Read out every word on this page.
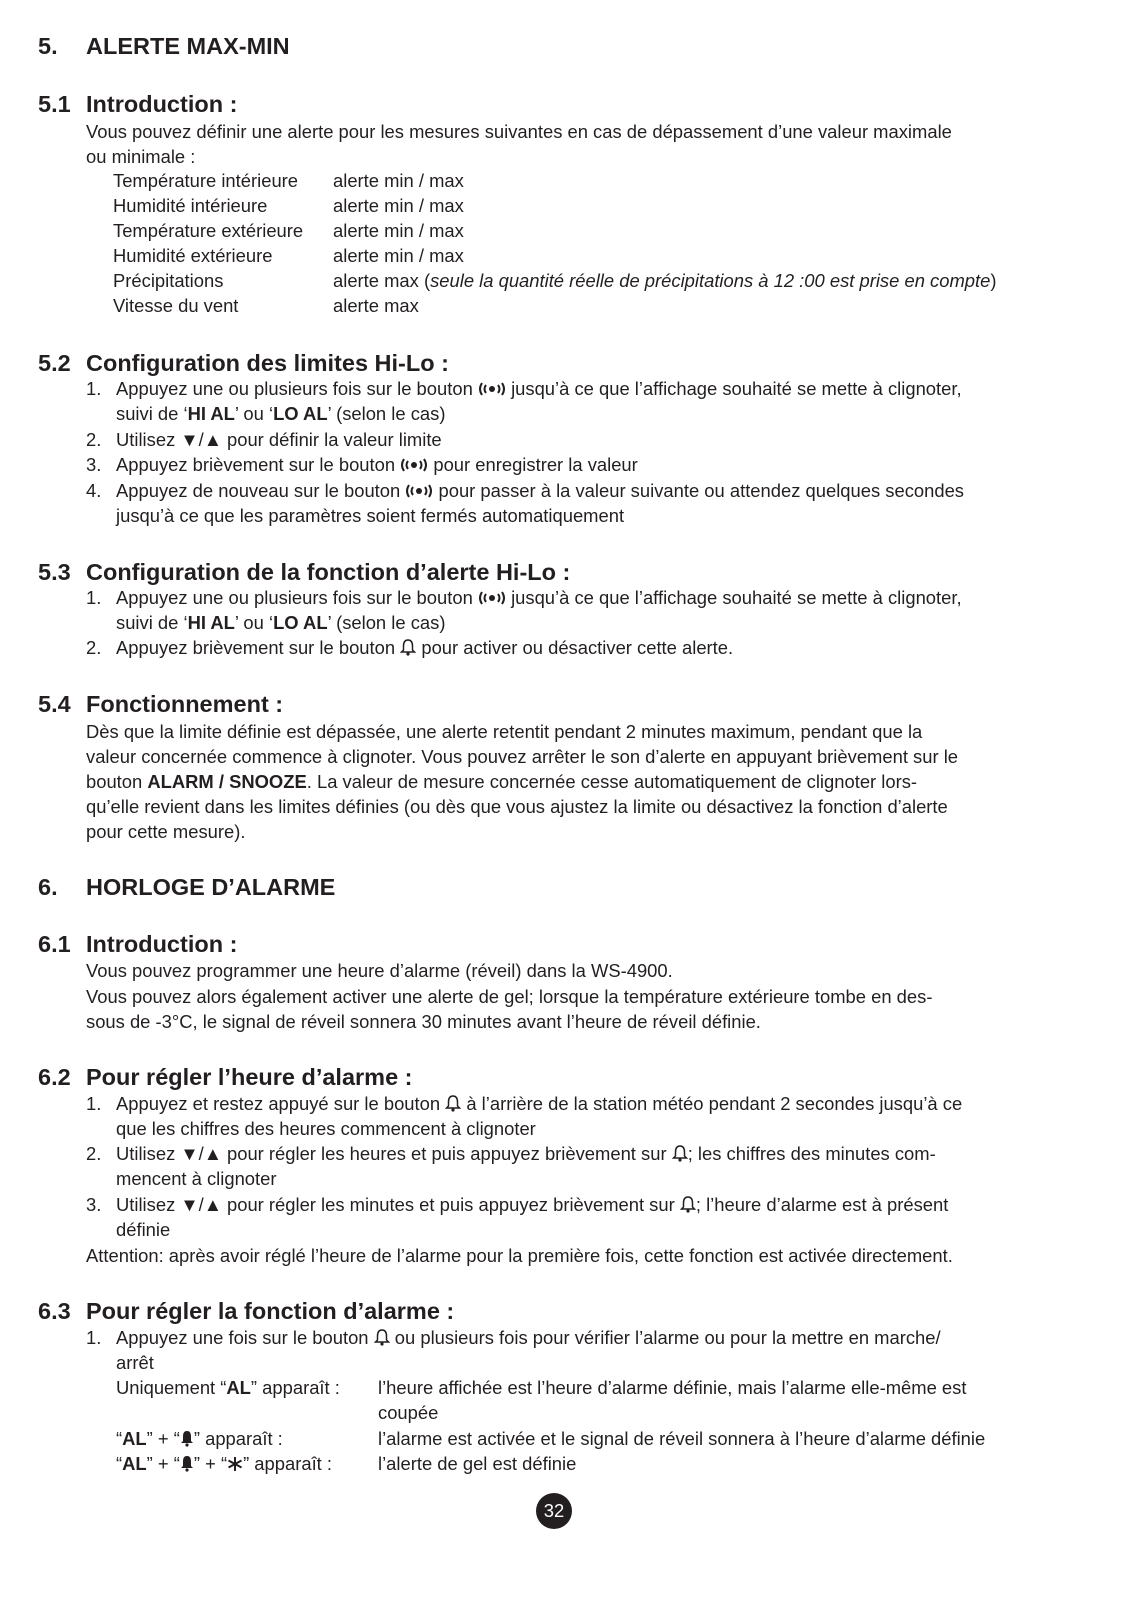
5. ALERTE MAX-MIN
5.1 Introduction :
Vous pouvez définir une alerte pour les mesures suivantes en cas de dépassement d’une valeur maximale
ou minimale :
Température intérieure alerte min / max
Humidité intérieure	alerte min / max
Température extérieure alerte min / max
Humidité extérieure	alerte min / max
Précipitations	alerte max (seule la quantité réelle de précipitations à 12 :00 est prise en compte)
Vitesse du vent	alerte max
5.2 Configuration des limites Hi-Lo :
1. Appuyez une ou plusieurs fois sur le bouton jusqu’à ce que l’affichage souhaité se mette à clignoter,
suivi de ‘HI AL’ ou ‘LO AL’ (selon le cas)
2. Utilisez ▼/▲ pour définir la valeur limite
3. Appuyez brièvement sur le bouton pour enregistrer la valeur
4. Appuyez de nouveau sur le bouton pour passer à la valeur suivante ou attendez quelques secondes
jusqu’à ce que les paramètres soient fermés automatiquement
5.3 Configuration de la fonction d’alerte Hi-Lo :
1. Appuyez une ou plusieurs fois sur le bouton jusqu’à ce que l’affichage souhaité se mette à clignoter,
suivi de ‘HI AL’ ou ‘LO AL’ (selon le cas)
2. Appuyez brièvement sur le bouton pour activer ou désactiver cette alerte.
5.4 Fonctionnement :
Dès que la limite définie est dépassée, une alerte retentit pendant 2 minutes maximum, pendant que la
valeur concernée commence à clignoter. Vous pouvez arrêter le son d’alerte en appuyant brièvement sur le
bouton ALARM / SNOOZE. La valeur de mesure concernée cesse automatiquement de clignoter lors-
qu’elle revient dans les limites définies (ou dès que vous ajustez la limite ou désactivez la fonction d’alerte
pour cette mesure).
6. HORLOGE D’ALARME
6.1 Introduction :
Vous pouvez programmer une heure d’alarme (réveil) dans la WS-4900.
Vous pouvez alors également activer une alerte de gel; lorsque la température extérieure tombe en des-
sous de -3°C, le signal de réveil sonnera 30 minutes avant l’heure de réveil définie.
6.2 Pour régler l’heure d’alarme :
1. Appuyez et restez appuyé sur le bouton à l’arrière de la station météo pendant 2 secondes jusqu’à ce
que les chiffres des heures commencent à clignoter
2. Utilisez ▼/▲ pour régler les heures et puis appuyez brièvement sur ; les chiffres des minutes com-
mencent à clignoter
3. Utilisez ▼/▲ pour régler les minutes et puis appuyez brièvement sur ; l’heure d’alarme est à présent
définie
Attention: après avoir réglé l’heure de l’alarme pour la première fois, cette fonction est activée directement.
6.3 Pour régler la fonction d’alarme :
1. Appuyez une fois sur le bouton ou plusieurs fois pour vérifier l’alarme ou pour la mettre en marche/
arrêt
Uniquement “AL” apparaît : l’heure affichée est l’heure d’alarme définie, mais l’alarme elle-même est
coupée
“AL” + “ ” apparaît :	l’alarme est activée et le signal de réveil sonnera à l’heure d’alarme définie
“AL” + “ ” + “ ” apparaît : l’alerte de gel est définie
32
